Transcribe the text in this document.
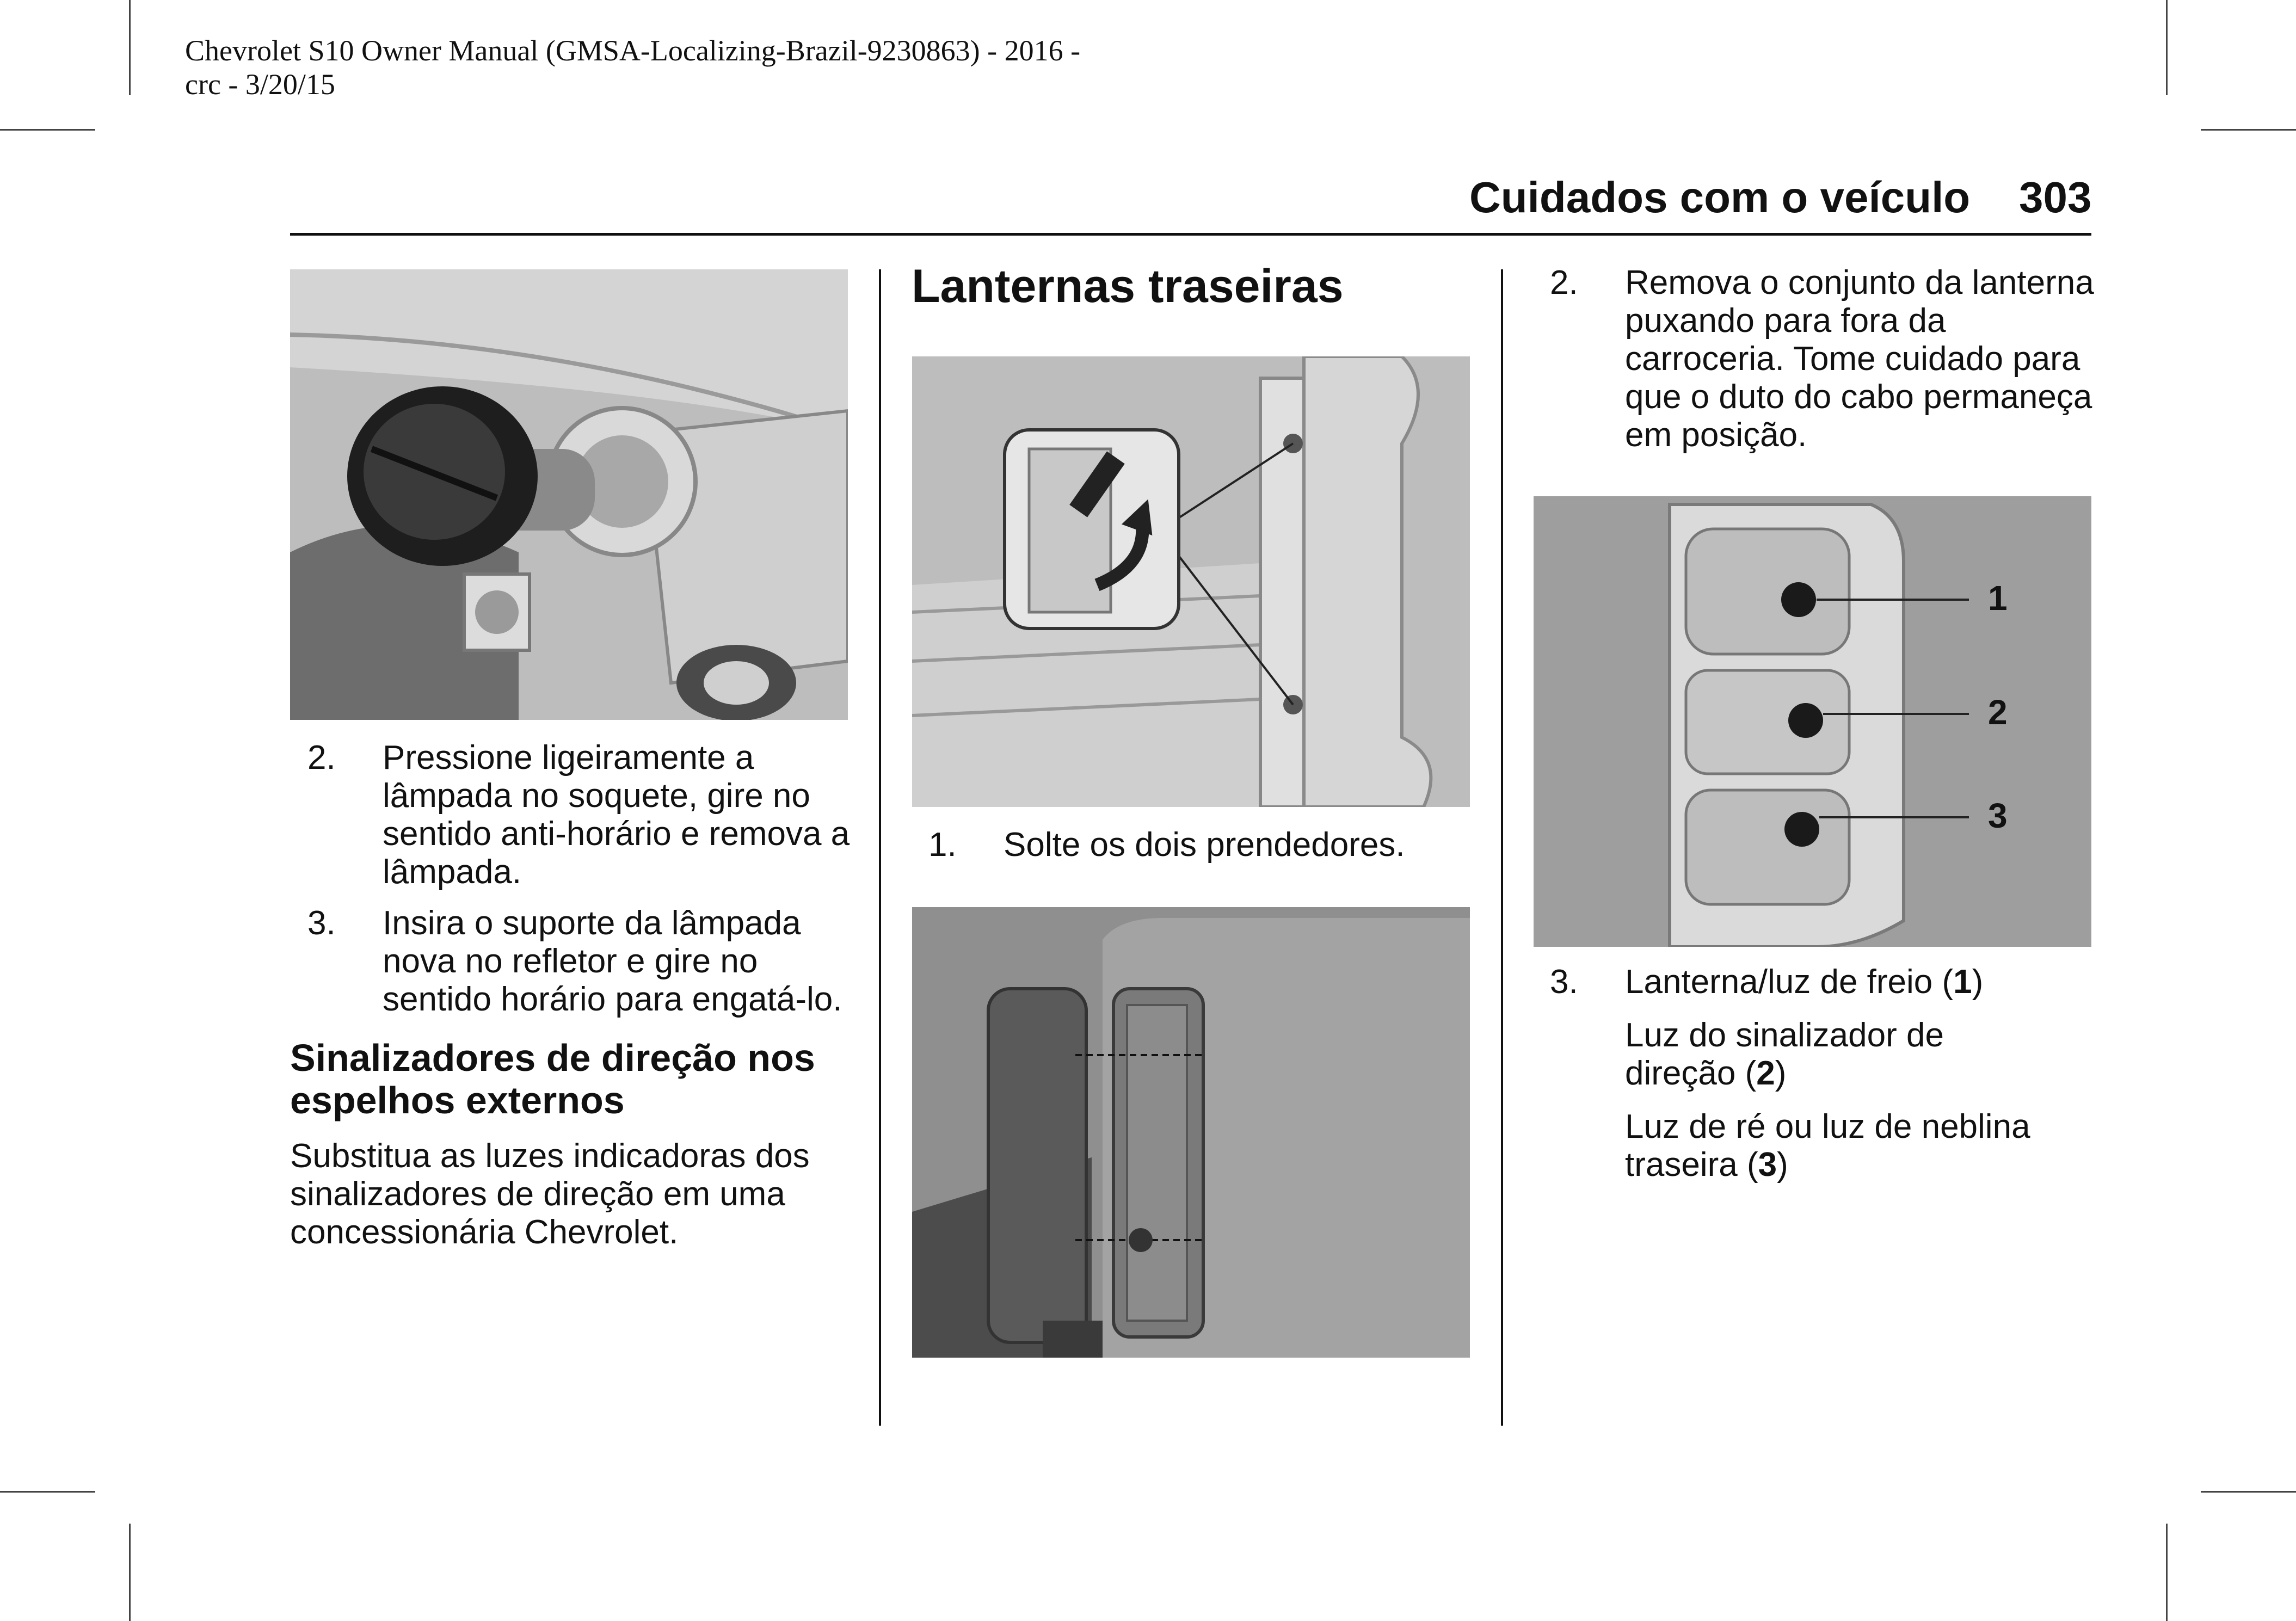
Chevrolet S10 Owner Manual (GMSA-Localizing-Brazil-9230863) - 2016 -
crc - 3/20/15
Cuidados com o veículo 303
2. Pressione ligeiramente a
lâmpada no soquete, gire no
sentido anti-horário e remova a
lâmpada.
3. Insira o suporte da lâmpada
nova no refletor e gire no
sentido horário para engatá-lo.
Sinalizadores de direção nos
espelhos externos
Substitua as luzes indicadoras dos
sinalizadores de direção em uma
concessionária Chevrolet.
Lanternas traseiras
1. Solte os dois prendedores.
2. Remova o conjunto da lanterna
puxando para fora da
carroceria. Tome cuidado para
que o duto do cabo permaneça
em posição.
1
2
3
3. Lanterna/luz de freio (1)
Luz do sinalizador de
direção (2)
Luz de ré ou luz de neblina
traseira (3)
